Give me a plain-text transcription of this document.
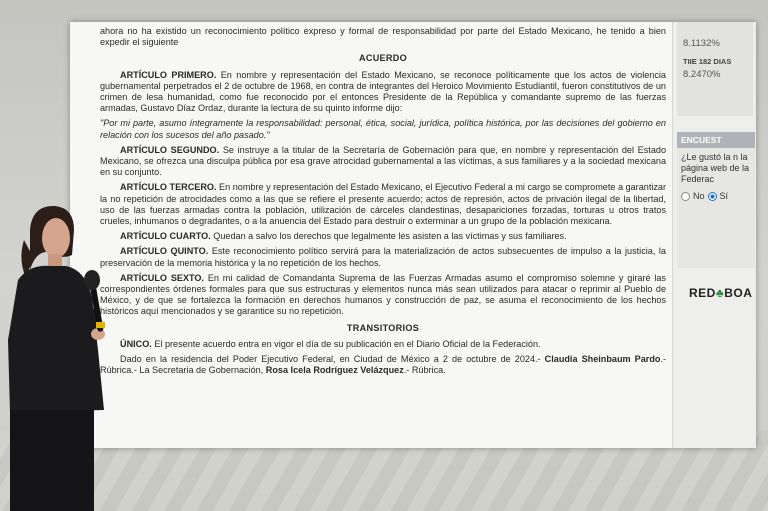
ahora no ha existido un reconocimiento político expreso y formal de responsabilidad por parte del Estado Mexicano, he tenido a bien expedir el siguiente

ACUERDO

ARTÍCULO PRIMERO. En nombre y representación del Estado Mexicano, se reconoce políticamente que los actos de violencia gubernamental perpetrados el 2 de octubre de 1968, en contra de integrantes del Heroico Movimiento Estudiantil, fueron constitutivos de un crimen de lesa humanidad, como fue reconocido por el entonces Presidente de la República y comandante supremo de las fuerzas armadas, Gustavo Díaz Ordaz, durante la lectura de su quinto informe dijo:

"Por mi parte, asumo íntegramente la responsabilidad: personal, ética, social, jurídica, política histórica, por las decisiones del gobierno en relación con los sucesos del año pasado."

ARTÍCULO SEGUNDO. Se instruye a la titular de la Secretaría de Gobernación para que, en nombre y representación del Estado Mexicano, se ofrezca una disculpa pública por esa grave atrocidad gubernamental a las víctimas, a sus familiares y a la sociedad mexicana en su conjunto.

ARTÍCULO TERCERO. En nombre y representación del Estado Mexicano, el Ejecutivo Federal a mi cargo se compromete a garantizar la no repetición de atrocidades como a las que se refiere el presente acuerdo; actos de represión, actos de privación ilegal de la libertad, uso de las fuerzas armadas contra la población, utilización de cárceles clandestinas, desapariciones forzadas, torturas u otros tratos crueles, inhumanos o degradantes, o a la anuencia del Estado para destruir o exterminar a un grupo de la población mexicana.

ARTÍCULO CUARTO. Quedan a salvo los derechos que legalmente les asisten a las víctimas y sus familiares.

ARTÍCULO QUINTO. Este reconocimiento político servirá para la materialización de actos subsecuentes de impulso a la justicia, la preservación de la memoria histórica y la no repetición de los hechos.

ARTÍCULO SEXTO. En mi calidad de Comandanta Suprema de las Fuerzas Armadas asumo el compromiso solemne y giraré las correspondientes órdenes formales para que sus estructuras y elementos nunca más sean utilizados para atacar o reprimir al Pueblo de México, y de que se fortalezca la formación en derechos humanos y construcción de paz, se asuma el reconocimiento de los hechos históricos aquí mencionados y se garantice su no repetición.

TRANSITORIOS

ÚNICO. El presente acuerdo entra en vigor el día de su publicación en el Diario Oficial de la Federación.

Dado en la residencia del Poder Ejecutivo Federal, en Ciudad de México a 2 de octubre de 2024.- Claudia Sheinbaum Pardo.- Rúbrica.- La Secretaria de Gobernación, Rosa Icela Rodríguez Velázquez.- Rúbrica.

8.1132%
TIIE 182 DIAS
8.2470%
ENCUEST
¿Le gustó la n la página web de la Federac
No Sí
RED♣BOA
